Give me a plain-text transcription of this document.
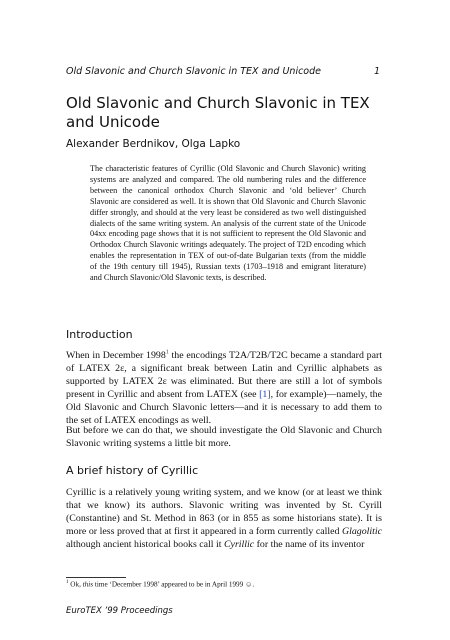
Old Slavonic and Church Slavonic in TEX and Unicode	1
Old Slavonic and Church Slavonic in TEX and Unicode
Alexander Berdnikov, Olga Lapko

The characteristic features of Cyrillic (Old Slavonic and Church Slavonic) writing systems are analyzed and compared. The old numbering rules and the difference between the canonical orthodox Church Slavonic and ‘old believer’ Church Slavonic are considered as well. It is shown that Old Slavonic and Church Slavonic differ strongly, and should at the very least be considered as two well distinguished dialects of the same writing system. An analysis of the current state of the Unicode 04xx encoding page shows that it is not sufficient to represent the Old Slavonic and Orthodox Church Slavonic writings adequately. The project of T2D encoding which enables the representation in TEX of out-of-date Bulgarian texts (from the middle of the 19th century till 1945), Russian texts (1703–1918 and emigrant literature) and Church Slavonic/Old Slavonic texts, is described.

Introduction

When in December 1998$^1$ the encodings T2A/T2B/T2C became a standard part of LATEX 2ε, a significant break between Latin and Cyrillic alphabets as supported by LATEX 2ε was eliminated. But there are still a lot of symbols present in Cyrillic and absent from LATEX (see [1], for example)—namely, the Old Slavonic and Church Slavonic letters—and it is necessary to add them to the set of LATEX encodings as well.

But before we can do that, we should investigate the Old Slavonic and Church Slavonic writing systems a little bit more.

A brief history of Cyrillic

Cyrillic is a relatively young writing system, and we know (or at least we think that we know) its authors. Slavonic writing was invented by St. Cyrill (Constantine) and St. Method in 863 (or in 855 as some historians state). It is more or less proved that at first it appeared in a form currently called Glagolitic although ancient historical books call it Cyrillic for the name of its inventor

$^1$ Ok, this time ‘December 1998’ appeared to be in April 1999 ☺.

EuroTEX ’99 Proceedings
